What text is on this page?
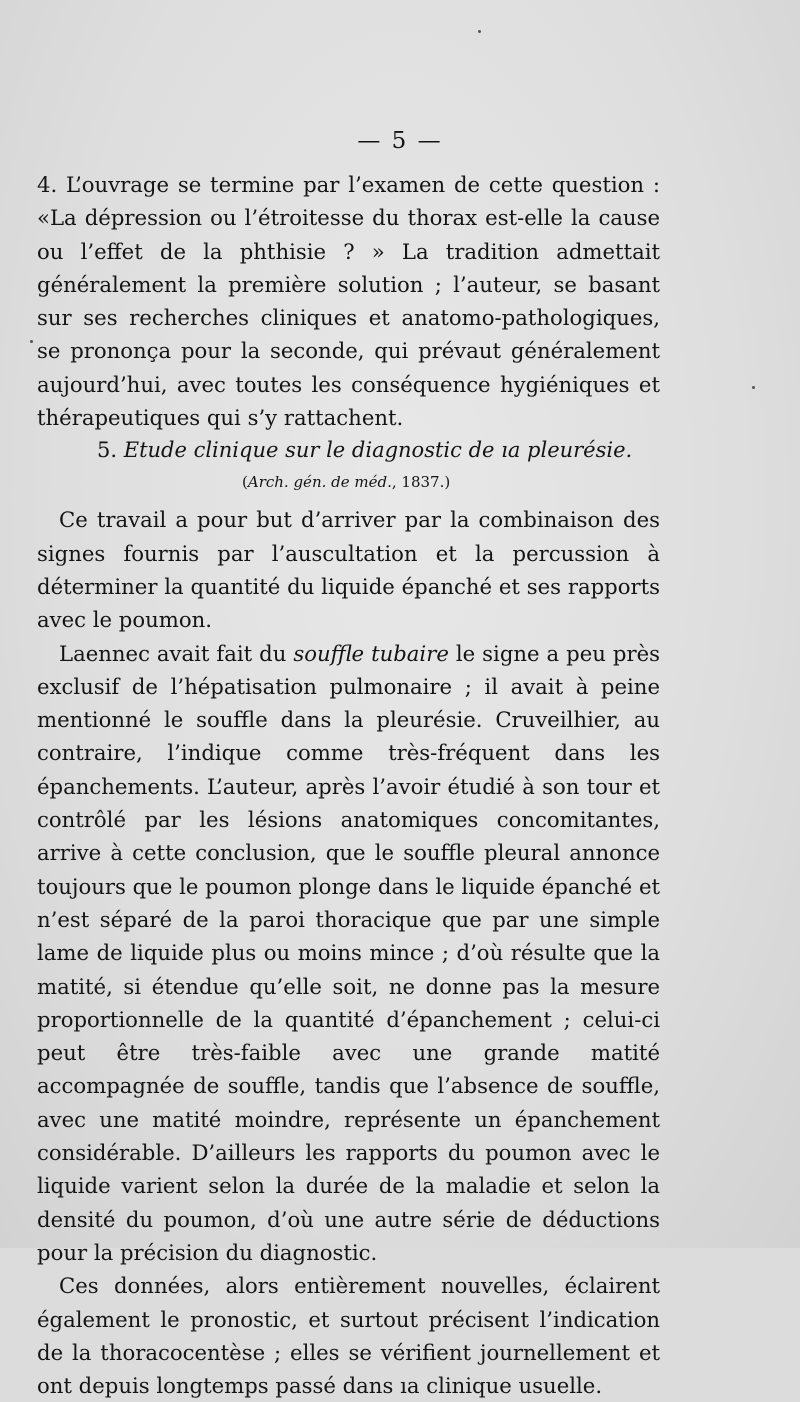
— 5 —

4. L’ouvrage se termine par l’examen de cette question : «La dépression ou l’étroitesse du thorax est-elle la cause ou l’effet de la phthisie ? » La tradition admettait généralement la première solution ; l’auteur, se basant sur ses recherches cliniques et anatomo-pathologiques, se prononça pour la seconde, qui prévaut généralement aujourd’hui, avec toutes les conséquence hygiéniques et thérapeutiques qui s’y rattachent.

5. Etude clinique sur le diagnostic de ıa pleurésie.

(Arch. gén. de méd., 1837.)

Ce travail a pour but d’arriver par la combinaison des signes fournis par l’auscultation et la percussion à déterminer la quantité du liquide épanché et ses rapports avec le poumon.

Laennec avait fait du souffle tubaire le signe a peu près exclusif de l’hépatisation pulmonaire ; il avait à peine mentionné le souffle dans la pleurésie. Cruveilhier, au contraire, l’indique comme très-fréquent dans les épanchements. L’auteur, après l’avoir étudié à son tour et contrôlé par les lésions anatomiques concomitantes, arrive à cette conclusion, que le souffle pleural annonce toujours que le poumon plonge dans le liquide épanché et n’est séparé de la paroi thoracique que par une simple lame de liquide plus ou moins mince ; d’où résulte que la matité, si étendue qu’elle soit, ne donne pas la mesure proportionnelle de la quantité d’épanchement ; celui-ci peut être très-faible avec une grande matité accompagnée de souffle, tandis que l’absence de souffle, avec une matité moindre, représente un épanchement considérable. D’ailleurs les rapports du poumon avec le liquide varient selon la durée de la maladie et selon la densité du poumon, d’où une autre série de déductions pour la précision du diagnostic.

Ces données, alors entièrement nouvelles, éclairent également le pronostic, et surtout précisent l’indication de la thoracocentèse ; elles se vérifient journellement et ont depuis longtemps passé dans ıa clinique usuelle.
